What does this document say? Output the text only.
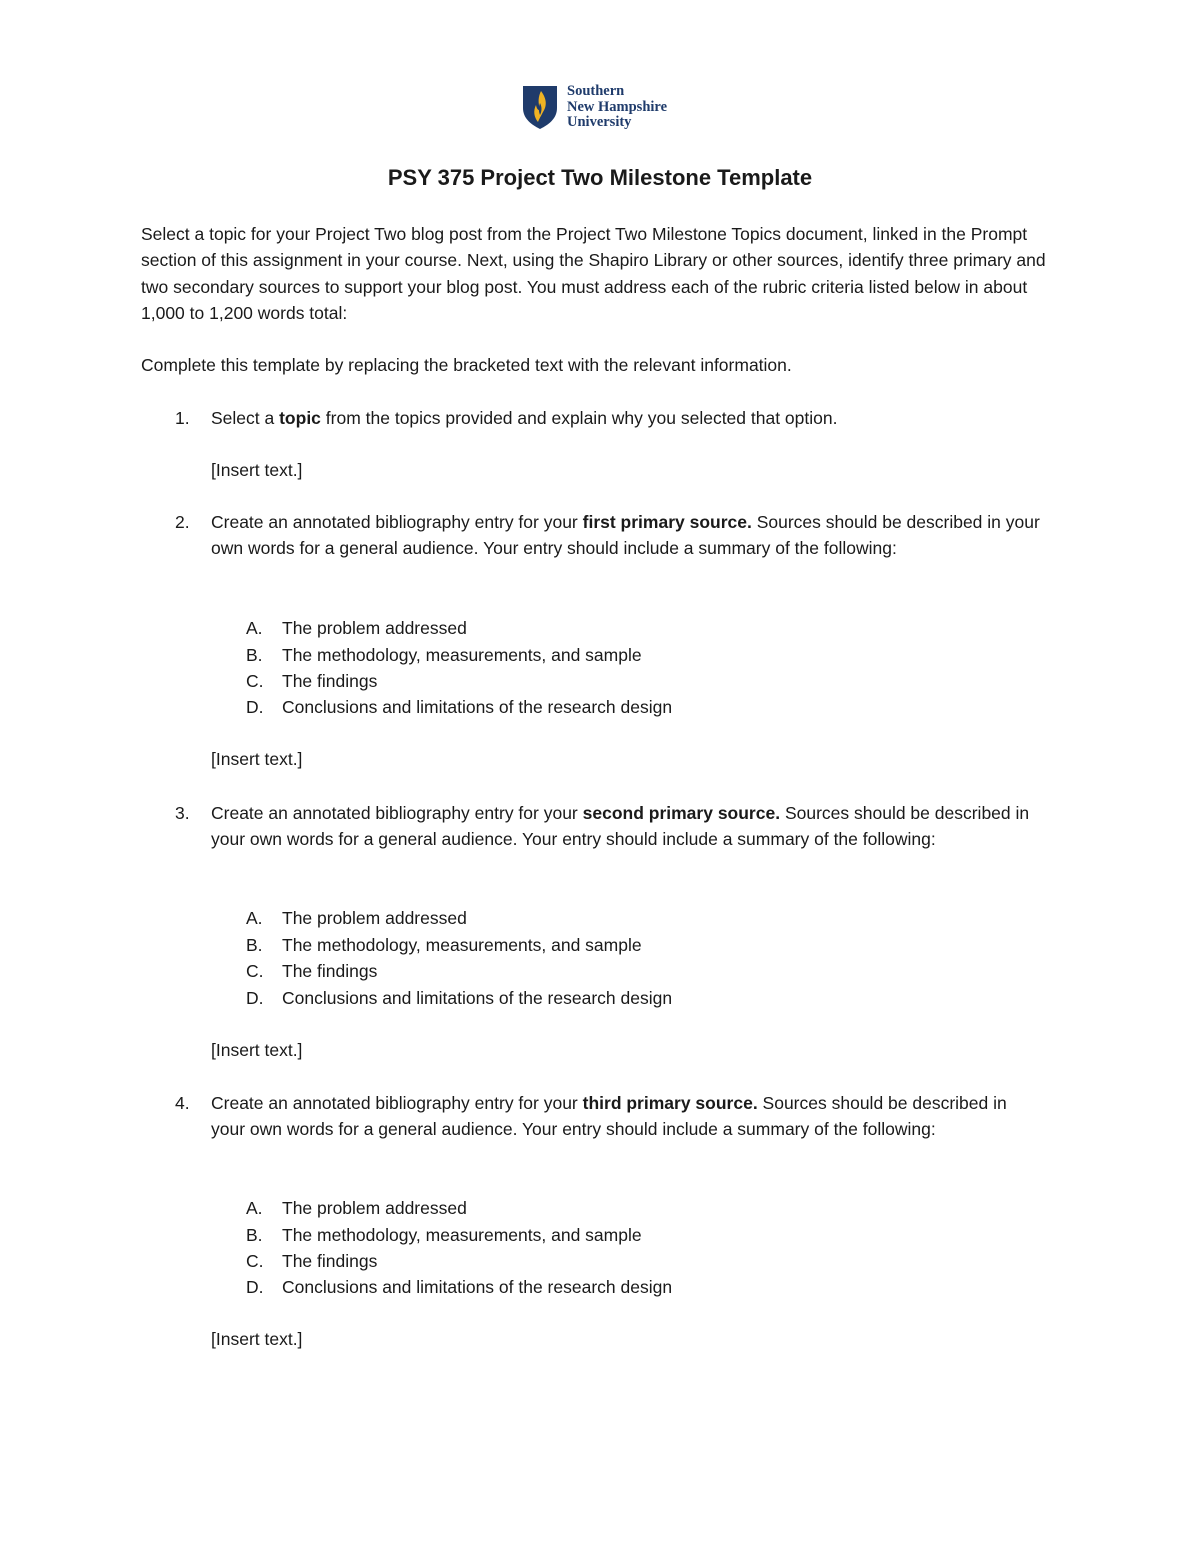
Southern
New Hampshire
University
PSY 375 Project Two Milestone Template
Select a topic for your Project Two blog post from the Project Two Milestone Topics document, linked in the Prompt section of this assignment in your course. Next, using the Shapiro Library or other sources, identify three primary and two secondary sources to support your blog post. You must address each of the rubric criteria listed below in about 1,000 to 1,200 words total:
Complete this template by replacing the bracketed text with the relevant information.
1. Select a topic from the topics provided and explain why you selected that option.
[Insert text.]
2. Create an annotated bibliography entry for your first primary source. Sources should be described in your own words for a general audience. Your entry should include a summary of the following:
A. The problem addressed
B. The methodology, measurements, and sample
C. The findings
D. Conclusions and limitations of the research design
[Insert text.]
3. Create an annotated bibliography entry for your second primary source. Sources should be described in your own words for a general audience. Your entry should include a summary of the following:
A. The problem addressed
B. The methodology, measurements, and sample
C. The findings
D. Conclusions and limitations of the research design
[Insert text.]
4. Create an annotated bibliography entry for your third primary source. Sources should be described in your own words for a general audience. Your entry should include a summary of the following:
A. The problem addressed
B. The methodology, measurements, and sample
C. The findings
D. Conclusions and limitations of the research design
[Insert text.]
